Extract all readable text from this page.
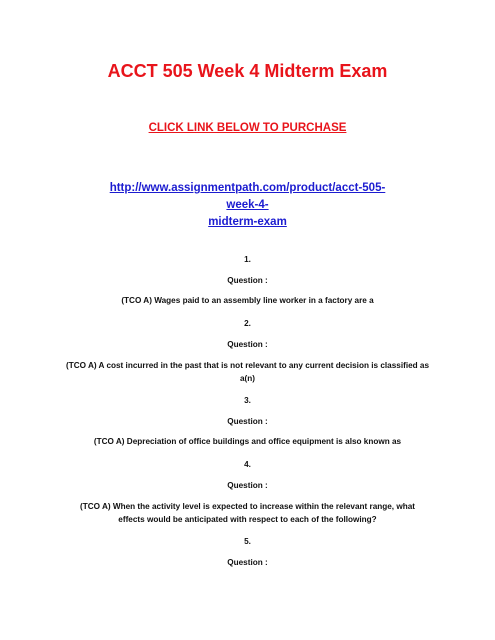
ACCT 505 Week 4 Midterm Exam
CLICK LINK BELOW TO PURCHASE
http://www.assignmentpath.com/product/acct-505-week-4-
midterm-exam
1.
Question :
(TCO A) Wages paid to an assembly line worker in a factory are a
2.
Question :
(TCO A) A cost incurred in the past that is not relevant to any current decision is classified as
a(n)
3.
Question :
(TCO A) Depreciation of office buildings and office equipment is also known as
4.
Question :
(TCO A) When the activity level is expected to increase within the relevant range, what
effects would be anticipated with respect to each of the following?
5.
Question :
